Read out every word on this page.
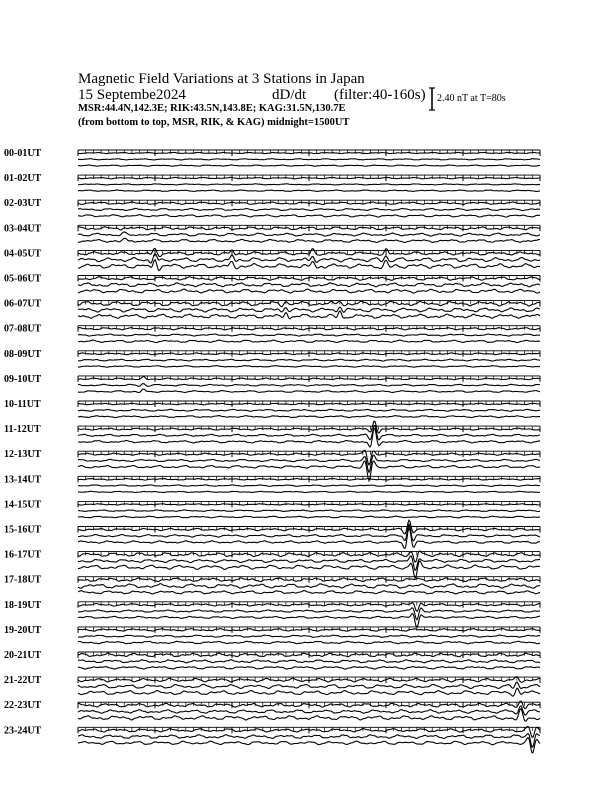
Magnetic Field Variations at 3 Stations in Japan
15 Septembe2024	dD/dt (filter:40-160s)
MSR:44.4N,142.3E; RIK:43.5N,143.8E; KAG:31.5N,130.7E
(from bottom to top, MSR, RIK, & KAG) midnight=1500UT
2.40 nT at T=80s
00-01UT
01-02UT
02-03UT
03-04UT
04-05UT
05-06UT
06-07UT
07-08UT
08-09UT
09-10UT
10-11UT
11-12UT
12-13UT
13-14UT
14-15UT
15-16UT
16-17UT
17-18UT
18-19UT
19-20UT
20-21UT
21-22UT
22-23UT
23-24UT
